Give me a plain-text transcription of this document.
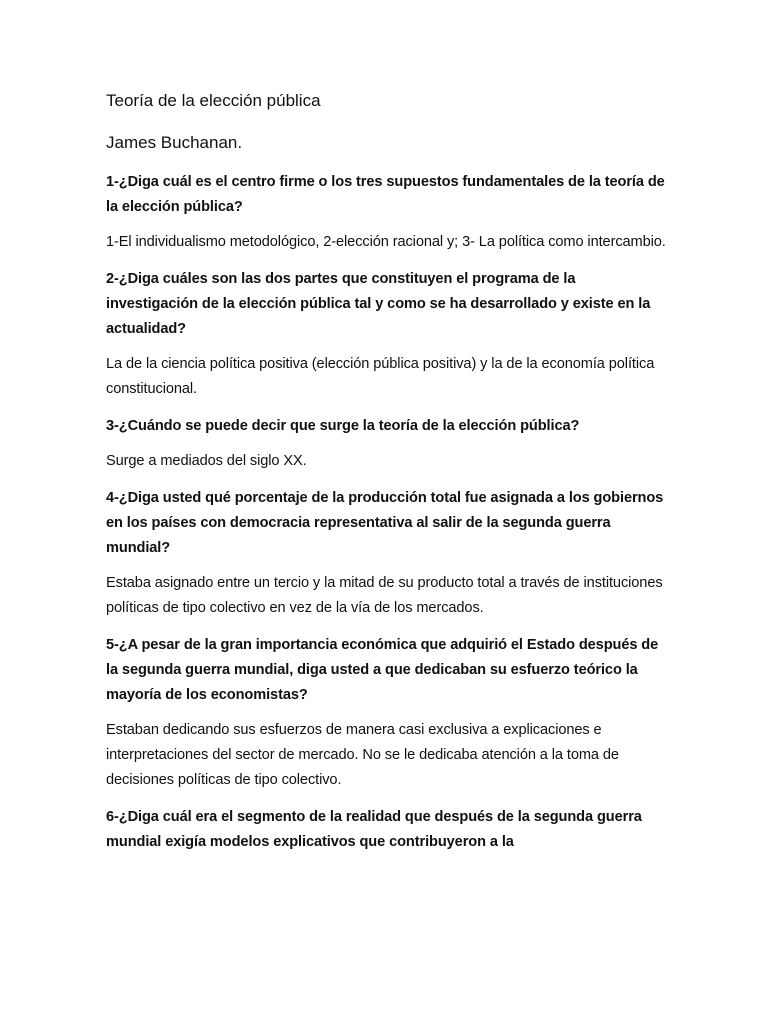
Teoría de la elección pública
James Buchanan.

1-¿Diga cuál es el centro firme o los tres supuestos fundamentales de la teoría de la elección pública?

1-El individualismo metodológico, 2-elección racional y; 3- La política como intercambio.

2-¿Diga cuáles son las dos partes que constituyen el programa de la investigación de la elección pública tal y como se ha desarrollado y existe en la actualidad?

La de la ciencia política positiva (elección pública positiva) y la de la economía política constitucional.

3-¿Cuándo se puede decir que surge la teoría de la elección pública?

Surge a mediados del siglo XX.

4-¿Diga usted qué porcentaje de la producción total fue asignada a los gobiernos en los países con democracia representativa al salir de la segunda guerra mundial?

Estaba asignado entre un tercio y la mitad de su producto total a través de instituciones políticas de tipo colectivo en vez de la vía de los mercados.

5-¿A pesar de la gran importancia económica que adquirió el Estado después de la segunda guerra mundial, diga usted a que dedicaban su esfuerzo teórico la mayoría de los economistas?

Estaban dedicando sus esfuerzos de manera casi exclusiva a explicaciones e interpretaciones del sector de mercado. No se le dedicaba atención a la toma de decisiones políticas de tipo colectivo.

6-¿Diga cuál era el segmento de la realidad que después de la segunda guerra mundial exigía modelos explicativos que contribuyeron a la
